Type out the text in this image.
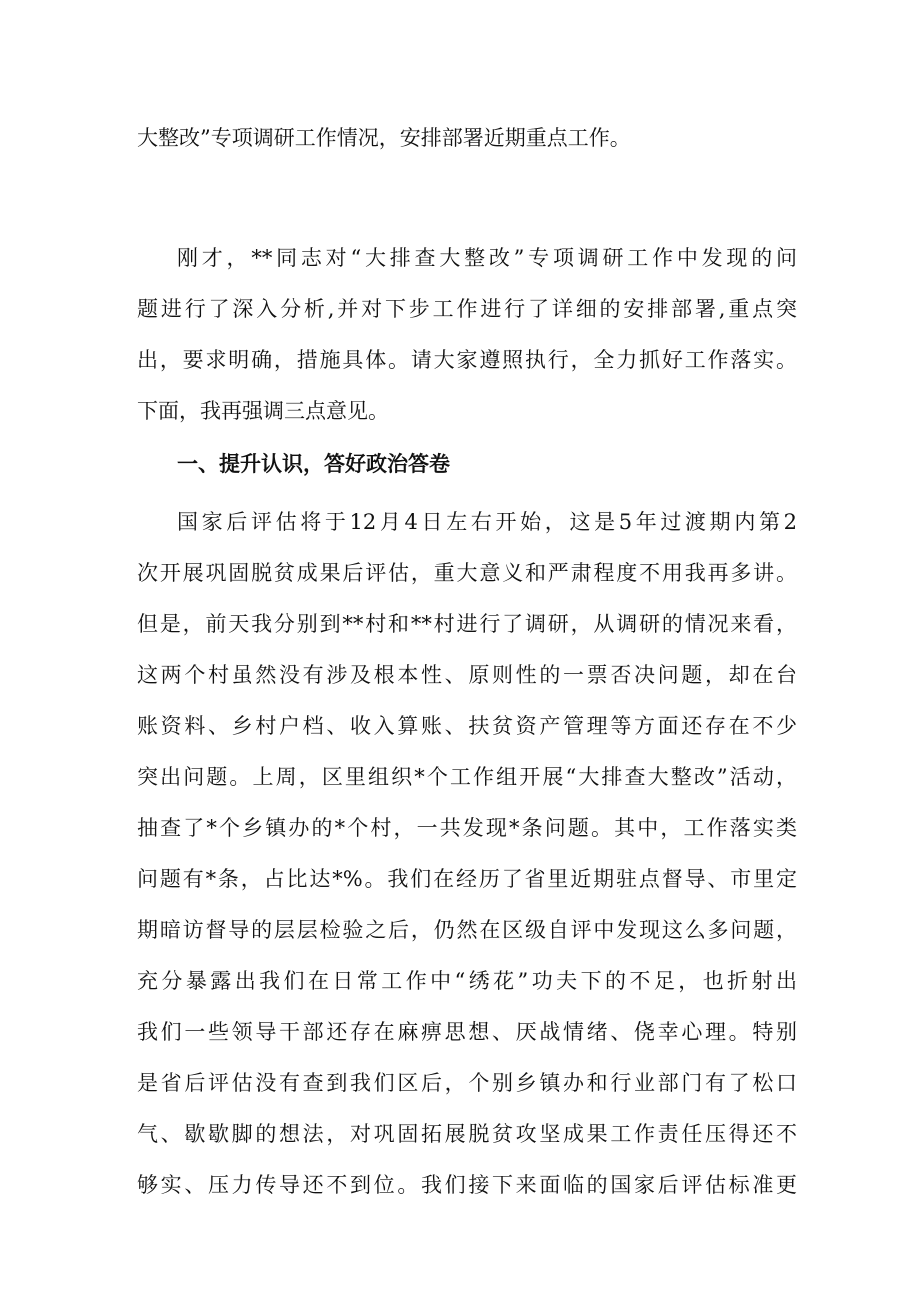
大整改”专项调研工作情况，安排部署近期重点工作。
刚才，**同志对“大排查大整改”专项调研工作中发现的问
题进行了深入分析,并对下步工作进行了详细的安排部署,重点突
出，要求明确，措施具体。请大家遵照执行，全力抓好工作落实。
下面，我再强调三点意见。
一、提升认识，答好政治答卷
国家后评估将于12月4日左右开始，这是5年过渡期内第2
次开展巩固脱贫成果后评估，重大意义和严肃程度不用我再多讲。
但是，前天我分别到**村和**村进行了调研，从调研的情况来看，
这两个村虽然没有涉及根本性、原则性的一票否决问题，却在台
账资料、乡村户档、收入算账、扶贫资产管理等方面还存在不少
突出问题。上周，区里组织*个工作组开展“大排查大整改”活动，
抽查了*个乡镇办的*个村，一共发现*条问题。其中，工作落实类
问题有*条，占比达*%。我们在经历了省里近期驻点督导、市里定
期暗访督导的层层检验之后，仍然在区级自评中发现这么多问题，
充分暴露出我们在日常工作中“绣花”功夫下的不足，也折射出
我们一些领导干部还存在麻痹思想、厌战情绪、侥幸心理。特别
是省后评估没有查到我们区后，个别乡镇办和行业部门有了松口
气、歇歇脚的想法，对巩固拓展脱贫攻坚成果工作责任压得还不
够实、压力传导还不到位。我们接下来面临的国家后评估标准更
